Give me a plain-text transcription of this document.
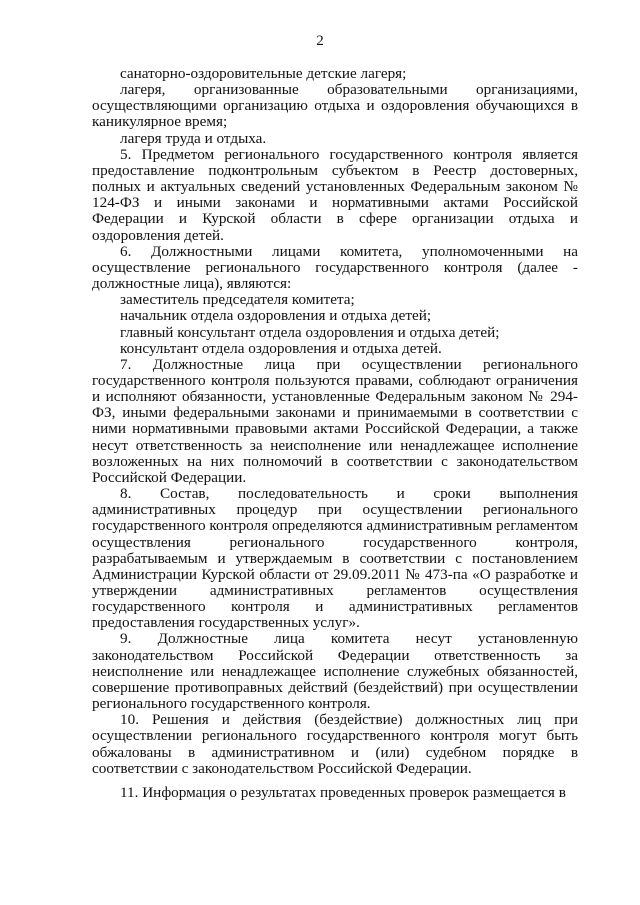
2

санаторно-оздоровительные детские лагеря;

лагеря, организованные образовательными организациями, осуществляющими организацию отдыха и оздоровления обучающихся в каникулярное время;

лагеря труда и отдыха.

5. Предметом регионального государственного контроля является предоставление подконтрольным субъектом в Реестр достоверных, полных и актуальных сведений установленных Федеральным законом № 124-ФЗ и иными законами и нормативными актами Российской Федерации и Курской области в сфере организации отдыха и оздоровления детей.

6. Должностными лицами комитета, уполномоченными на осуществление регионального государственного контроля (далее - должностные лица), являются:

заместитель председателя комитета;

начальник отдела оздоровления и отдыха детей;

главный консультант отдела оздоровления и отдыха детей;

консультант отдела оздоровления и отдыха детей.

7. Должностные лица при осуществлении регионального государственного контроля пользуются правами, соблюдают ограничения и исполняют обязанности, установленные Федеральным законом № 294-ФЗ, иными федеральными законами и принимаемыми в соответствии с ними нормативными правовыми актами Российской Федерации, а также несут ответственность за неисполнение или ненадлежащее исполнение возложенных на них полномочий в соответствии с законодательством Российской Федерации.

8. Состав, последовательность и сроки выполнения административных процедур при осуществлении регионального государственного контроля определяются административным регламентом осуществления регионального государственного контроля, разрабатываемым и утверждаемым в соответствии с постановлением Администрации Курской области от 29.09.2011 № 473-па «О разработке и утверждении административных регламентов осуществления государственного контроля и административных регламентов предоставления государственных услуг».

9. Должностные лица комитета несут установленную законодательством Российской Федерации ответственность за неисполнение или ненадлежащее исполнение служебных обязанностей, совершение противоправных действий (бездействий) при осуществлении регионального государственного контроля.

10. Решения и действия (бездействие) должностных лиц при осуществлении регионального государственного контроля могут быть обжалованы в административном и (или) судебном порядке в соответствии с законодательством Российской Федерации.

11. Информация о результатах проведенных проверок размещается в
